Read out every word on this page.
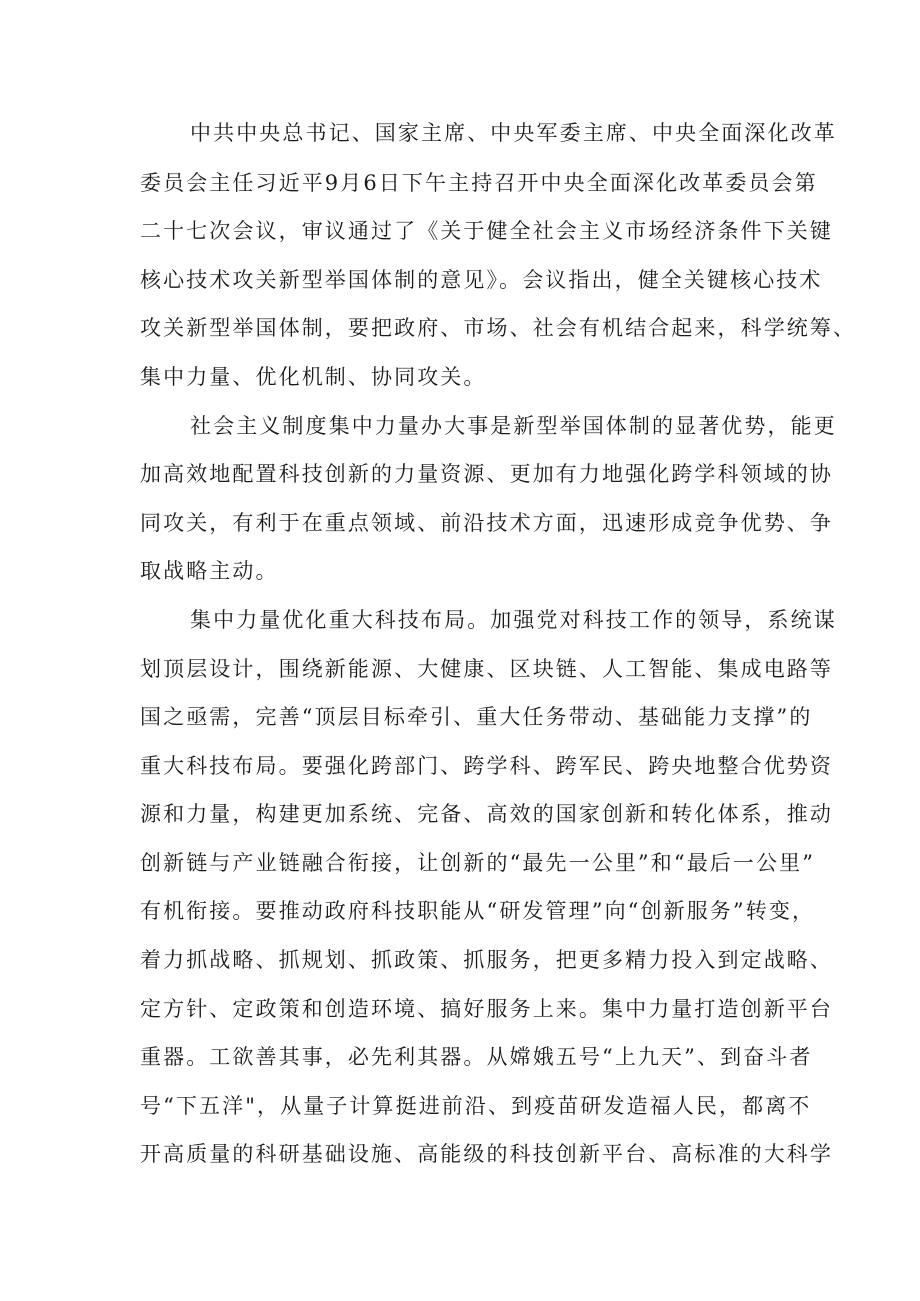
中共中央总书记、国家主席、中央军委主席、中央全面深化改革
委员会主任习近平9月6日下午主持召开中央全面深化改革委员会第
二十七次会议，审议通过了《关于健全社会主义市场经济条件下关键
核心技术攻关新型举国体制的意见》。会议指出，健全关键核心技术
攻关新型举国体制，要把政府、市场、社会有机结合起来，科学统筹、
集中力量、优化机制、协同攻关。
社会主义制度集中力量办大事是新型举国体制的显著优势，能更
加高效地配置科技创新的力量资源、更加有力地强化跨学科领域的协
同攻关，有利于在重点领域、前沿技术方面，迅速形成竞争优势、争
取战略主动。
集中力量优化重大科技布局。加强党对科技工作的领导，系统谋
划顶层设计，围绕新能源、大健康、区块链、人工智能、集成电路等
国之亟需，完善“顶层目标牵引、重大任务带动、基础能力支撑”的
重大科技布局。要强化跨部门、跨学科、跨军民、跨央地整合优势资
源和力量，构建更加系统、完备、高效的国家创新和转化体系，推动
创新链与产业链融合衔接，让创新的“最先一公里”和“最后一公里”
有机衔接。要推动政府科技职能从“研发管理”向“创新服务”转变，
着力抓战略、抓规划、抓政策、抓服务，把更多精力投入到定战略、
定方针、定政策和创造环境、搞好服务上来。集中力量打造创新平台
重器。工欲善其事，必先利其器。从嫦娥五号“上九天”、到奋斗者
号“下五洋"，从量子计算挺进前沿、到疫苗研发造福人民，都离不
开高质量的科研基础设施、高能级的科技创新平台、高标准的大科学
